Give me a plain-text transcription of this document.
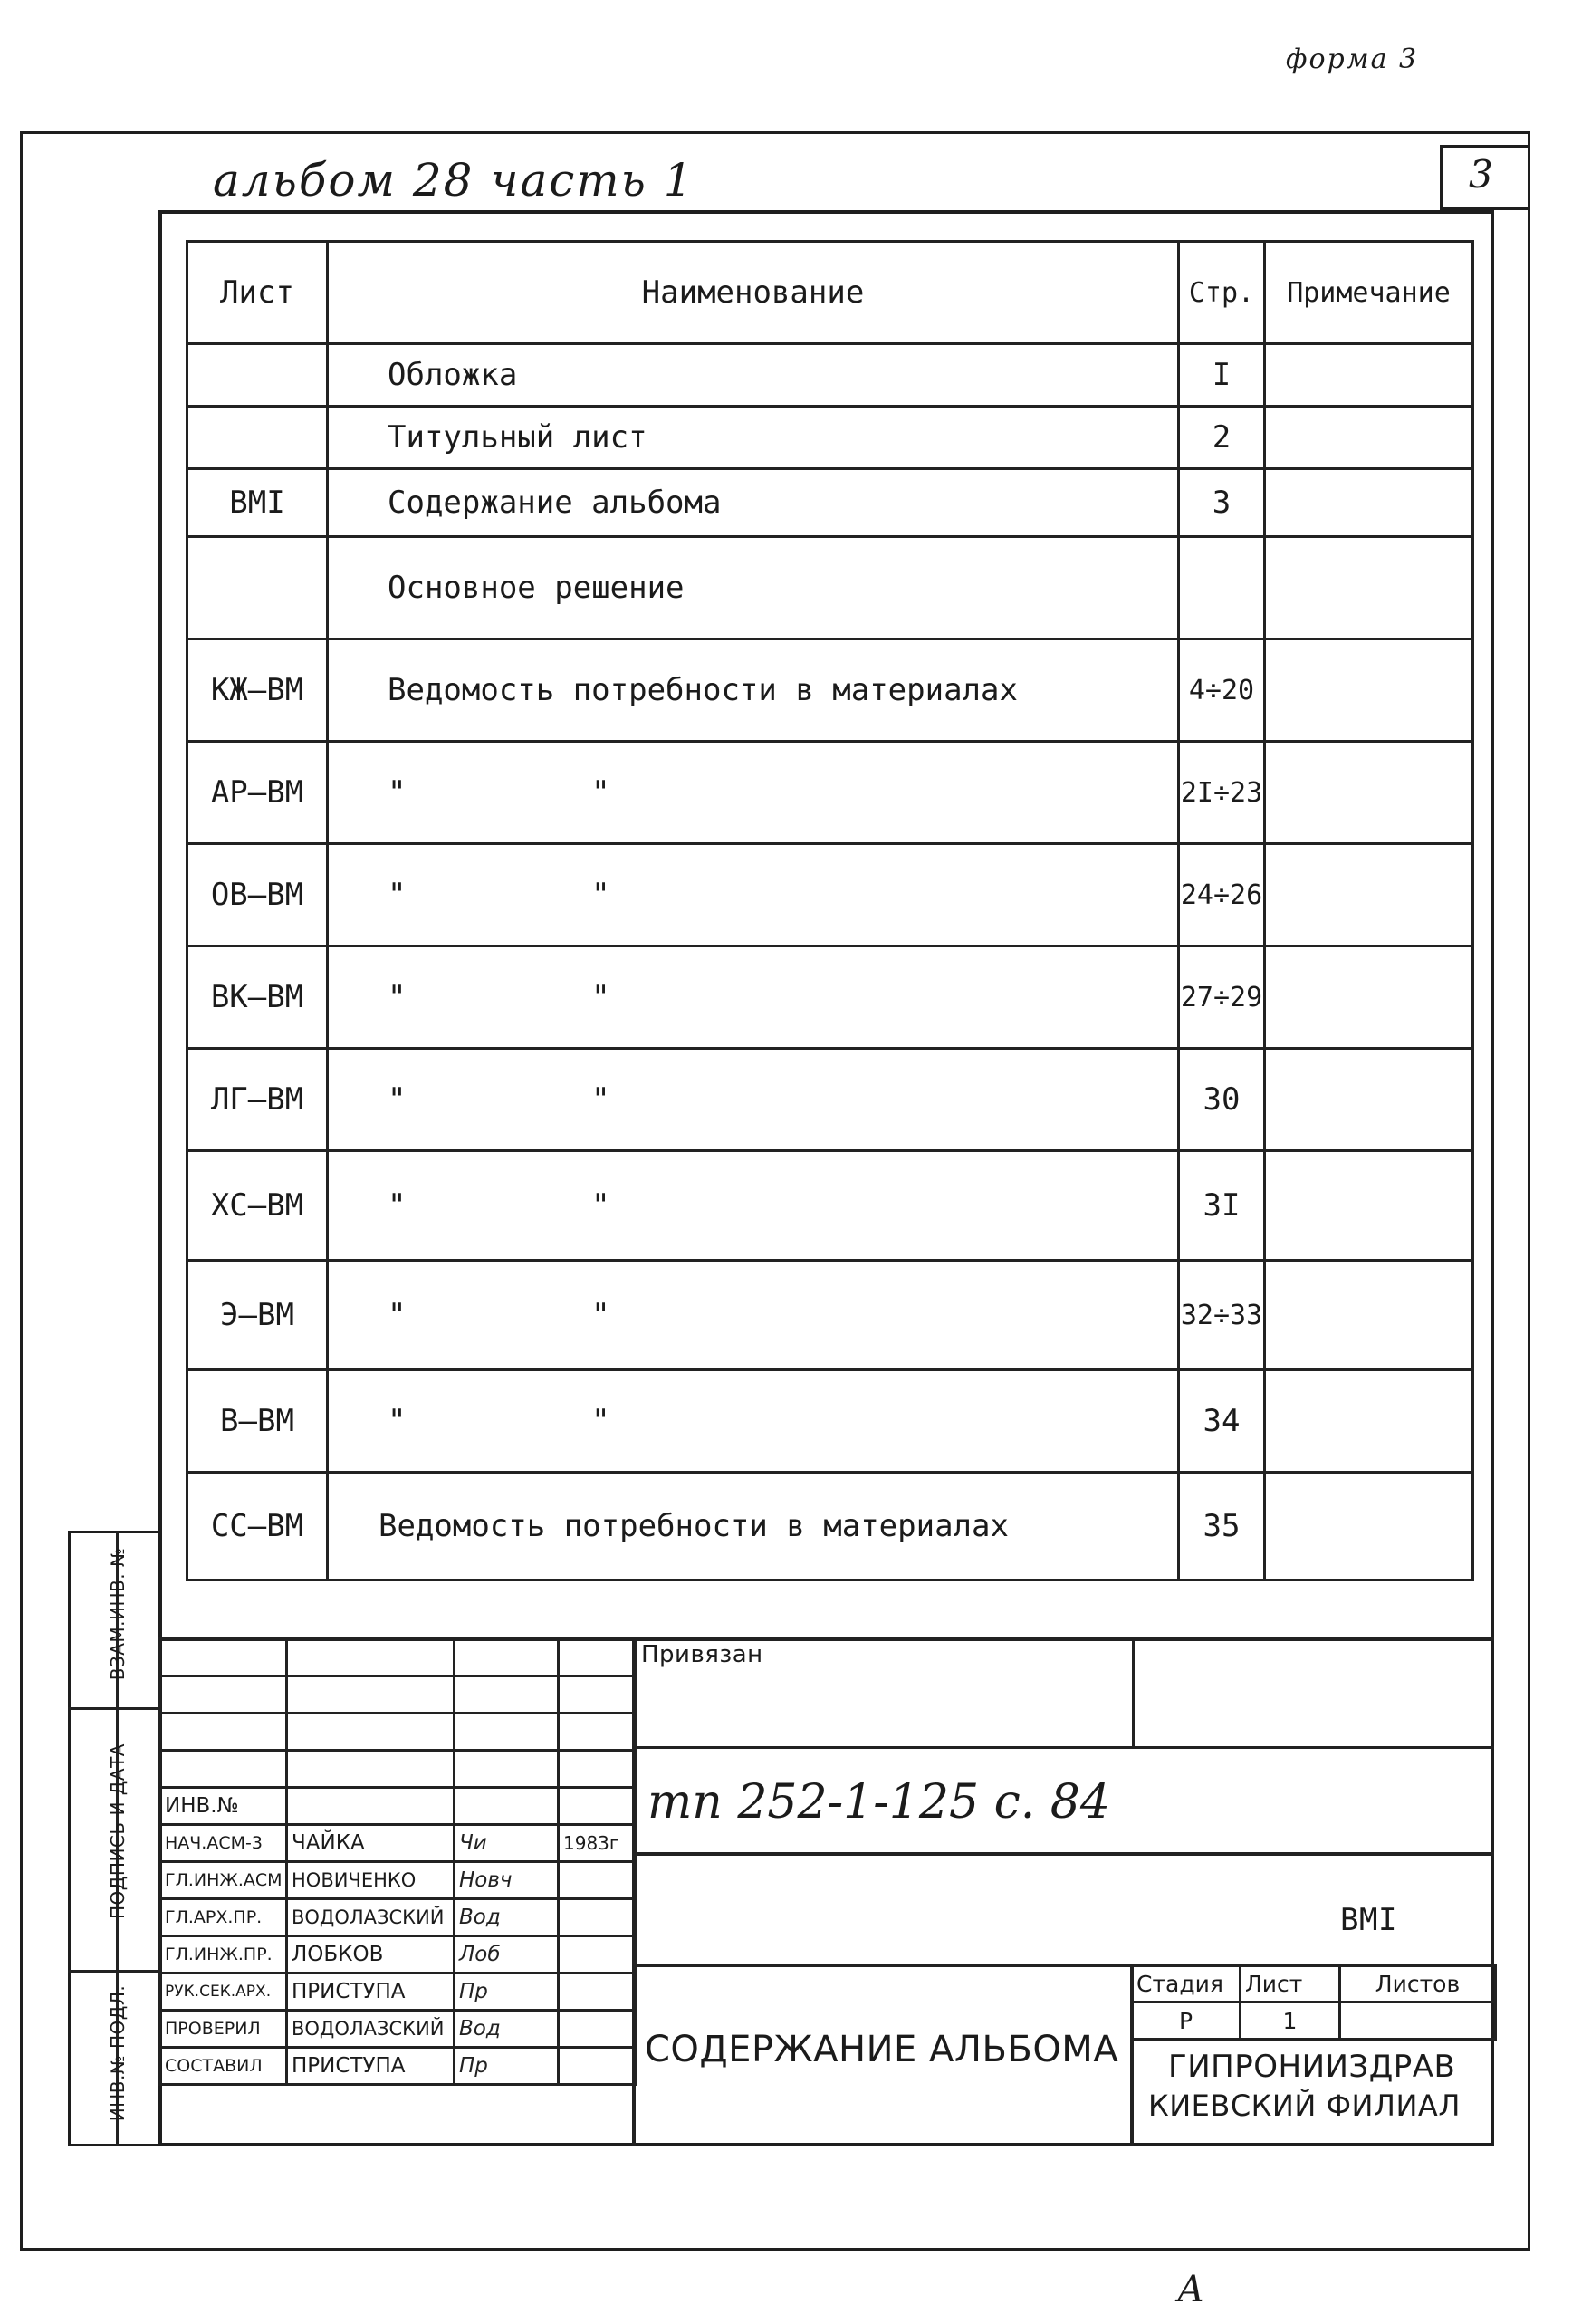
3
форма 3
альбом 28 часть 1
Лист	Наименование	Стр.	Примечание
	Обложка	I	
	Титульный лист	2	
ВМI	Содержание альбома	3	
	Основное решение		
КЖ–ВМ	Ведомость потребности в материалах	4÷20	
АР–ВМ	"          "	2I÷23	
ОВ–ВМ	"          "	24÷26	
ВК–ВМ	"          "	27÷29	
ЛГ–ВМ	"          "	30	
ХС–ВМ	"          "	3I	
Э–ВМ	"          "	32÷33	
В–ВМ	"          "	34	
СС–ВМ	Ведомость потребности в материалах	35	
ВЗАМ.ИНВ. №
ПОДПИСЬ И ДАТА
ИНВ.№ ПОДЛ.
Привязан
тп 252-1-125 с. 84
ВМI
СОДЕРЖАНИЕ АЛЬБОМА
Стадия	Лист	Листов
Р	1	
ГИПРОНИИЗДРАВ
КИЕВСКИЙ ФИЛИАЛ

ИНВ.№			
НАЧ.АСМ-3	ЧАЙКА	Чи	1983г
ГЛ.ИНЖ.АСМ	НОВИЧЕНКО	Новч	
ГЛ.АРХ.ПР.	ВОДОЛАЗСКИЙ	Вод	
ГЛ.ИНЖ.ПР.	ЛОБКОВ	Лоб	
РУК.СЕК.АРХ.	ПРИСТУПА	Пр	
ПРОВЕРИЛ	ВОДОЛАЗСКИЙ	Вод	
СОСТАВИЛ	ПРИСТУПА	Пр	
А
